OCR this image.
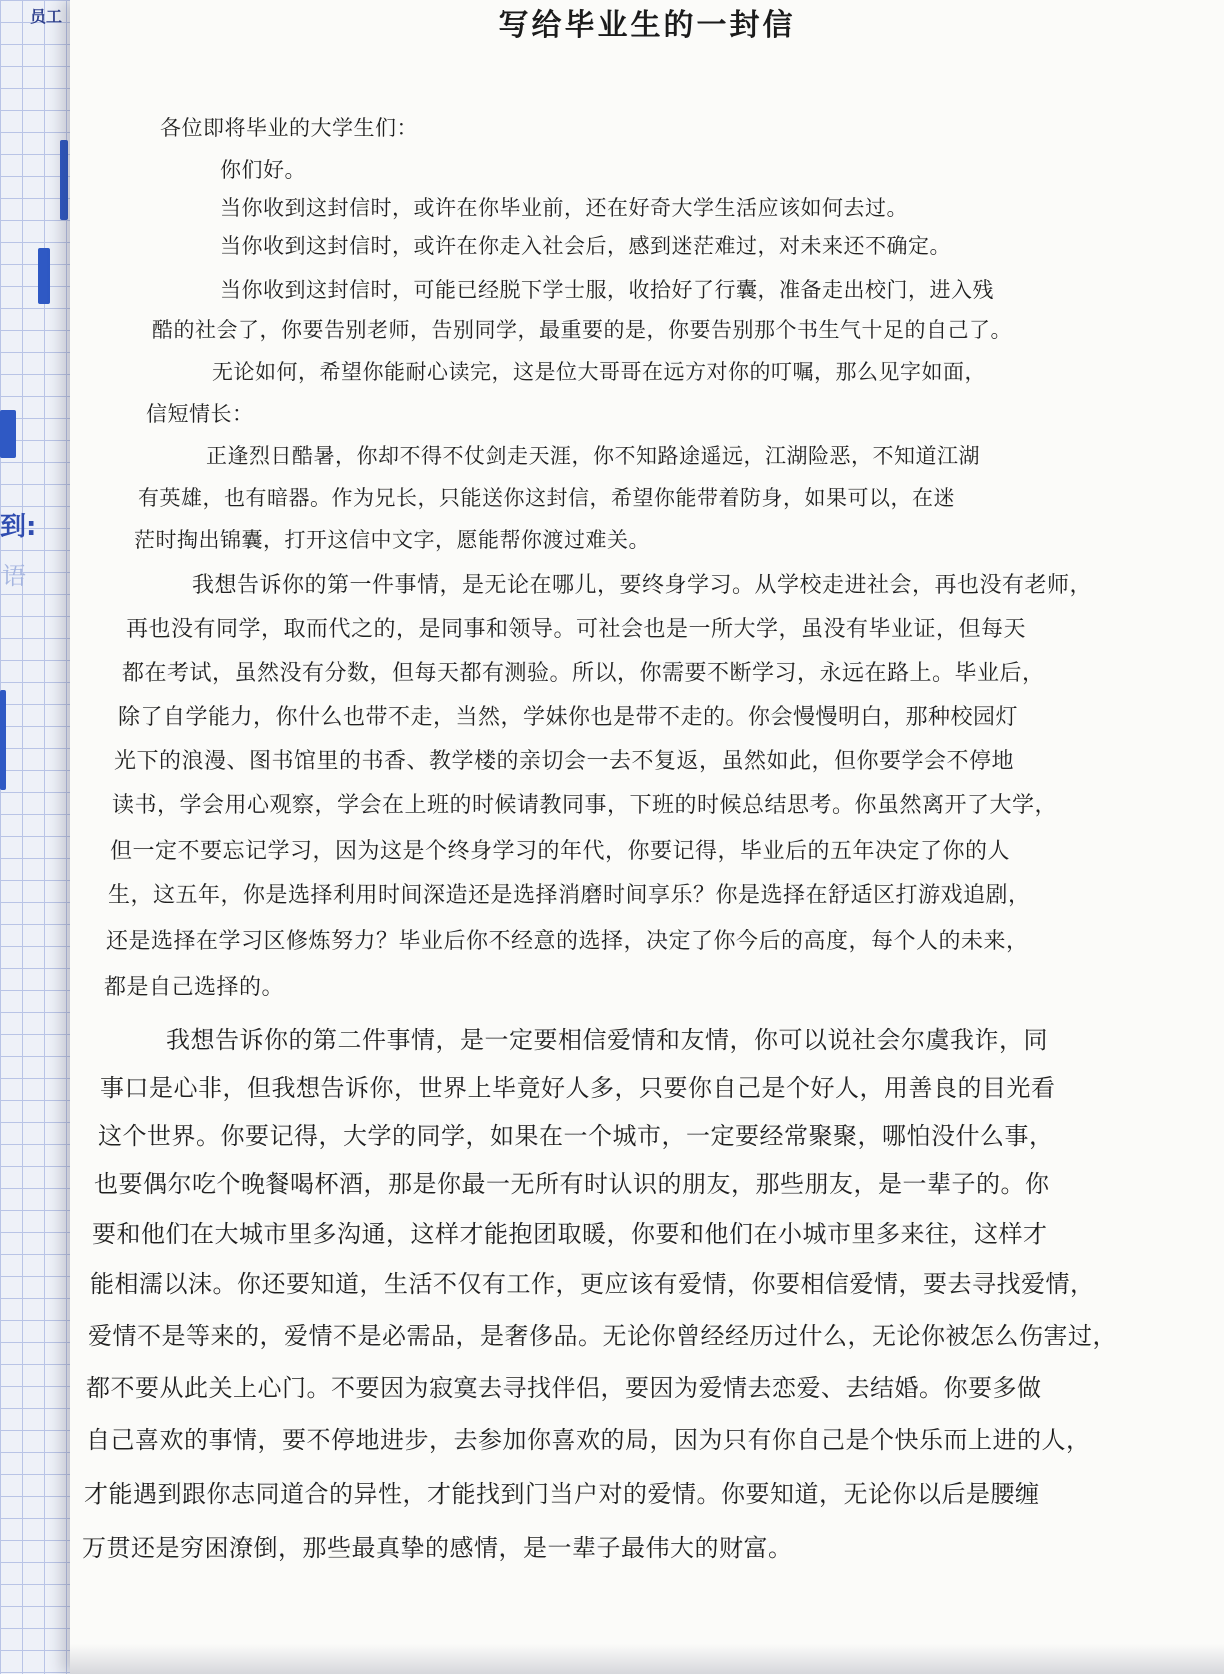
员工
到:
语
写给毕业生的一封信

各位即将毕业的大学生们：

你们好。

当你收到这封信时，或许在你毕业前，还在好奇大学生活应该如何去过。

当你收到这封信时，或许在你走入社会后，感到迷茫难过，对未来还不确定。

当你收到这封信时，可能已经脱下学士服，收拾好了行囊，准备走出校门，进入残

酷的社会了，你要告别老师，告别同学，最重要的是，你要告别那个书生气十足的自己了。

无论如何，希望你能耐心读完，这是位大哥哥在远方对你的叮嘱，那么见字如面，

信短情长：

正逢烈日酷暑，你却不得不仗剑走天涯，你不知路途遥远，江湖险恶，不知道江湖

有英雄，也有暗器。作为兄长，只能送你这封信，希望你能带着防身，如果可以，在迷

茫时掏出锦囊，打开这信中文字，愿能帮你渡过难关。

我想告诉你的第一件事情，是无论在哪儿，要终身学习。从学校走进社会，再也没有老师，

再也没有同学，取而代之的，是同事和领导。可社会也是一所大学，虽没有毕业证，但每天

都在考试，虽然没有分数，但每天都有测验。所以，你需要不断学习，永远在路上。毕业后，

除了自学能力，你什么也带不走，当然，学妹你也是带不走的。你会慢慢明白，那种校园灯

光下的浪漫、图书馆里的书香、教学楼的亲切会一去不复返，虽然如此，但你要学会不停地

读书，学会用心观察，学会在上班的时候请教同事，下班的时候总结思考。你虽然离开了大学，

但一定不要忘记学习，因为这是个终身学习的年代，你要记得，毕业后的五年决定了你的人

生，这五年，你是选择利用时间深造还是选择消磨时间享乐？你是选择在舒适区打游戏追剧，

还是选择在学习区修炼努力？毕业后你不经意的选择，决定了你今后的高度，每个人的未来，

都是自己选择的。

我想告诉你的第二件事情，是一定要相信爱情和友情，你可以说社会尔虞我诈，同

事口是心非，但我想告诉你，世界上毕竟好人多，只要你自己是个好人，用善良的目光看

这个世界。你要记得，大学的同学，如果在一个城市，一定要经常聚聚，哪怕没什么事，

也要偶尔吃个晚餐喝杯酒，那是你最一无所有时认识的朋友，那些朋友，是一辈子的。你

要和他们在大城市里多沟通，这样才能抱团取暖，你要和他们在小城市里多来往，这样才

能相濡以沫。你还要知道，生活不仅有工作，更应该有爱情，你要相信爱情，要去寻找爱情，

爱情不是等来的，爱情不是必需品，是奢侈品。无论你曾经经历过什么，无论你被怎么伤害过，

都不要从此关上心门。不要因为寂寞去寻找伴侣，要因为爱情去恋爱、去结婚。你要多做

自己喜欢的事情，要不停地进步，去参加你喜欢的局，因为只有你自己是个快乐而上进的人，

才能遇到跟你志同道合的异性，才能找到门当户对的爱情。你要知道，无论你以后是腰缠

万贯还是穷困潦倒，那些最真挚的感情，是一辈子最伟大的财富。
